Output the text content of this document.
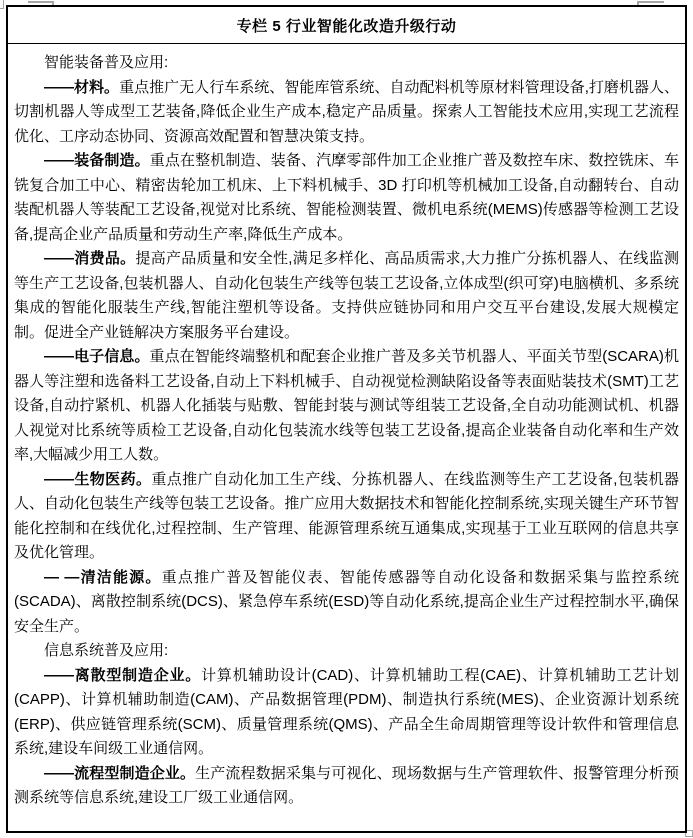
专栏 5 行业智能化改造升级行动

智能装备普及应用:

——材料。重点推广无人行车系统、智能库管系统、自动配料机等原材料管理设备,打磨机器人、切割机器人等成型工艺装备,降低企业生产成本,稳定产品质量。探索人工智能技术应用,实现工艺流程优化、工序动态协同、资源高效配置和智慧决策支持。

——装备制造。重点在整机制造、装备、汽摩零部件加工企业推广普及数控车床、数控铣床、车铣复合加工中心、精密齿轮加工机床、上下料机械手、3D 打印机等机械加工设备,自动翻转台、自动装配机器人等装配工艺设备,视觉对比系统、智能检测装置、微机电系统(MEMS)传感器等检测工艺设备,提高企业产品质量和劳动生产率,降低生产成本。

——消费品。提高产品质量和安全性,满足多样化、高品质需求,大力推广分拣机器人、在线监测等生产工艺设备,包装机器人、自动化包装生产线等包装工艺设备,立体成型(织可穿)电脑横机、多系统集成的智能化服装生产线,智能注塑机等设备。支持供应链协同和用户交互平台建设,发展大规模定制。促进全产业链解决方案服务平台建设。

——电子信息。重点在智能终端整机和配套企业推广普及多关节机器人、平面关节型(SCARA)机器人等注塑和选备料工艺设备,自动上下料机械手、自动视觉检测缺陷设备等表面贴装技术(SMT)工艺设备,自动拧紧机、机器人化插装与贴敷、智能封装与测试等组装工艺设备,全自动功能测试机、机器人视觉对比系统等质检工艺设备,自动化包装流水线等包装工艺设备,提高企业装备自动化率和生产效率,大幅减少用工人数。

——生物医药。重点推广自动化加工生产线、分拣机器人、在线监测等生产工艺设备,包装机器人、自动化包装生产线等包装工艺设备。推广应用大数据技术和智能化控制系统,实现关键生产环节智能化控制和在线优化,过程控制、生产管理、能源管理系统互通集成,实现基于工业互联网的信息共享及优化管理。

— —清洁能源。重点推广普及智能仪表、智能传感器等自动化设备和数据采集与监控系统(SCADA)、离散控制系统(DCS)、紧急停车系统(ESD)等自动化系统,提高企业生产过程控制水平,确保安全生产。

信息系统普及应用:

——离散型制造企业。计算机辅助设计(CAD)、计算机辅助工程(CAE)、计算机辅助工艺计划(CAPP)、计算机辅助制造(CAM)、产品数据管理(PDM)、制造执行系统(MES)、企业资源计划系统(ERP)、供应链管理系统(SCM)、质量管理系统(QMS)、产品全生命周期管理等设计软件和管理信息系统,建设车间级工业通信网。

——流程型制造企业。生产流程数据采集与可视化、现场数据与生产管理软件、报警管理分析预测系统等信息系统,建设工厂级工业通信网。
